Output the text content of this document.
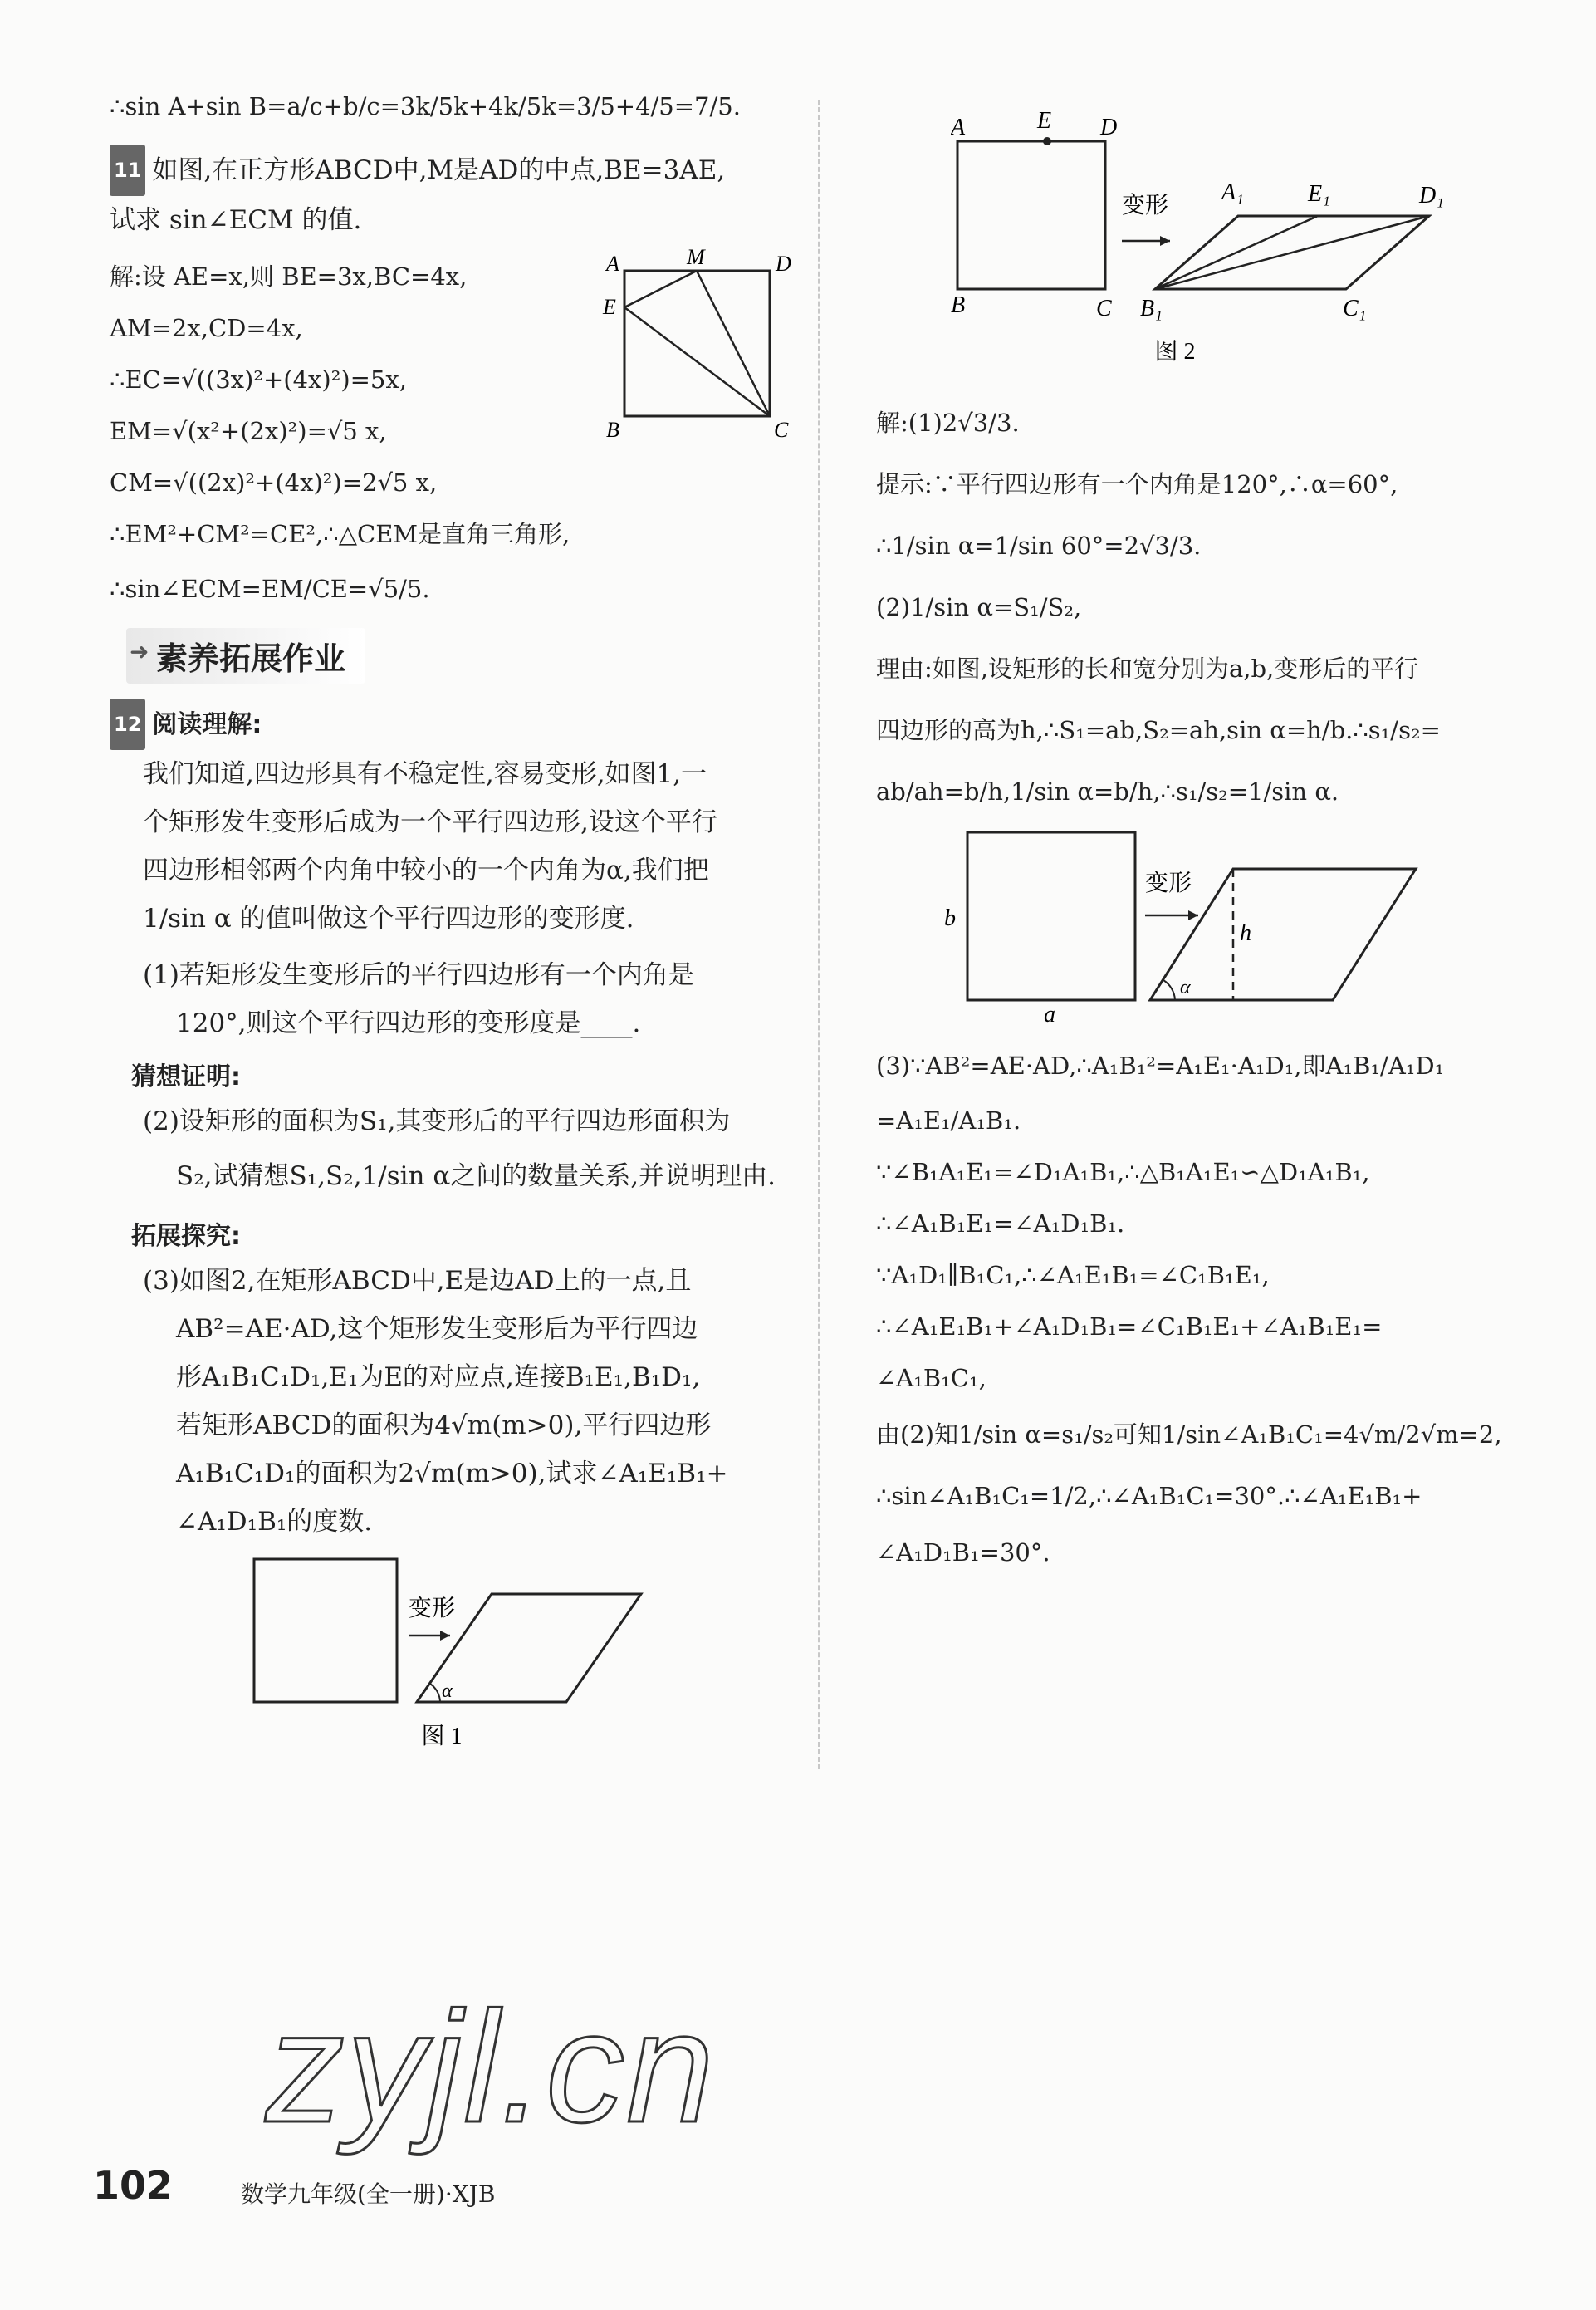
∴sin A+sin B=a/c+b/c=3k/5k+4k/5k=3/5+4/5=7/5.

11 如图,在正方形ABCD中,M是AD的中点,BE=3AE,

试求 sin∠ECM 的值.

解:设 AE=x,则 BE=3x,BC=4x,

AM=2x,CD=4x,

∴EC=√((3x)²+(4x)²)=5x,

EM=√(x²+(2x)²)=√5 x,

CM=√((2x)²+(4x)²)=2√5 x,

∴EM²+CM²=CE²,∴△CEM是直角三角形,

∴sin∠ECM=EM/CE=√5/5.

A	M	D
E
B	C
➜ 素养拓展作业

12 阅读理解:

我们知道,四边形具有不稳定性,容易变形,如图1,一

个矩形发生变形后成为一个平行四边形,设这个平行

四边形相邻两个内角中较小的一个内角为α,我们把

1/sin α 的值叫做这个平行四边形的变形度.

(1)若矩形发生变形后的平行四边形有一个内角是

120°,则这个平行四边形的变形度是____.

猜想证明:

(2)设矩形的面积为S₁,其变形后的平行四边形面积为

S₂,试猜想S₁,S₂,1/sin α之间的数量关系,并说明理由.

拓展探究:

(3)如图2,在矩形ABCD中,E是边AD上的一点,且

AB²=AE·AD,这个矩形发生变形后为平行四边

形A₁B₁C₁D₁,E₁为E的对应点,连接B₁E₁,B₁D₁,

若矩形ABCD的面积为4√m(m>0),平行四边形

A₁B₁C₁D₁的面积为2√m(m>0),试求∠A₁E₁B₁+

∠A₁D₁B₁的度数.

变形
α
图 1
A	E D
B	C
变形 A₁	E₁	D₁
B₁	C₁
图 2

解:(1)2√3/3.

提示:∵平行四边形有一个内角是120°,∴α=60°,

∴1/sin α=1/sin 60°=2√3/3.

(2)1/sin α=S₁/S₂,

理由:如图,设矩形的长和宽分别为a,b,变形后的平行

四边形的高为h,∴S₁=ab,S₂=ah,sin α=h/b.∴s₁/s₂=

ab/ah=b/h,1/sin α=b/h,∴s₁/s₂=1/sin α.

b
a
变形
h
α

(3)∵AB²=AE·AD,∴A₁B₁²=A₁E₁·A₁D₁,即A₁B₁/A₁D₁

=A₁E₁/A₁B₁.

∵∠B₁A₁E₁=∠D₁A₁B₁,∴△B₁A₁E₁∽△D₁A₁B₁,

∴∠A₁B₁E₁=∠A₁D₁B₁.

∵A₁D₁∥B₁C₁,∴∠A₁E₁B₁=∠C₁B₁E₁,

∴∠A₁E₁B₁+∠A₁D₁B₁=∠C₁B₁E₁+∠A₁B₁E₁=

∠A₁B₁C₁,

由(2)知1/sin α=s₁/s₂可知1/sin∠A₁B₁C₁=4√m/2√m=2,

∴sin∠A₁B₁C₁=1/2,∴∠A₁B₁C₁=30°.∴∠A₁E₁B₁+

∠A₁D₁B₁=30°.

zyjl.cn
102	数学九年级(全一册)·XJB
